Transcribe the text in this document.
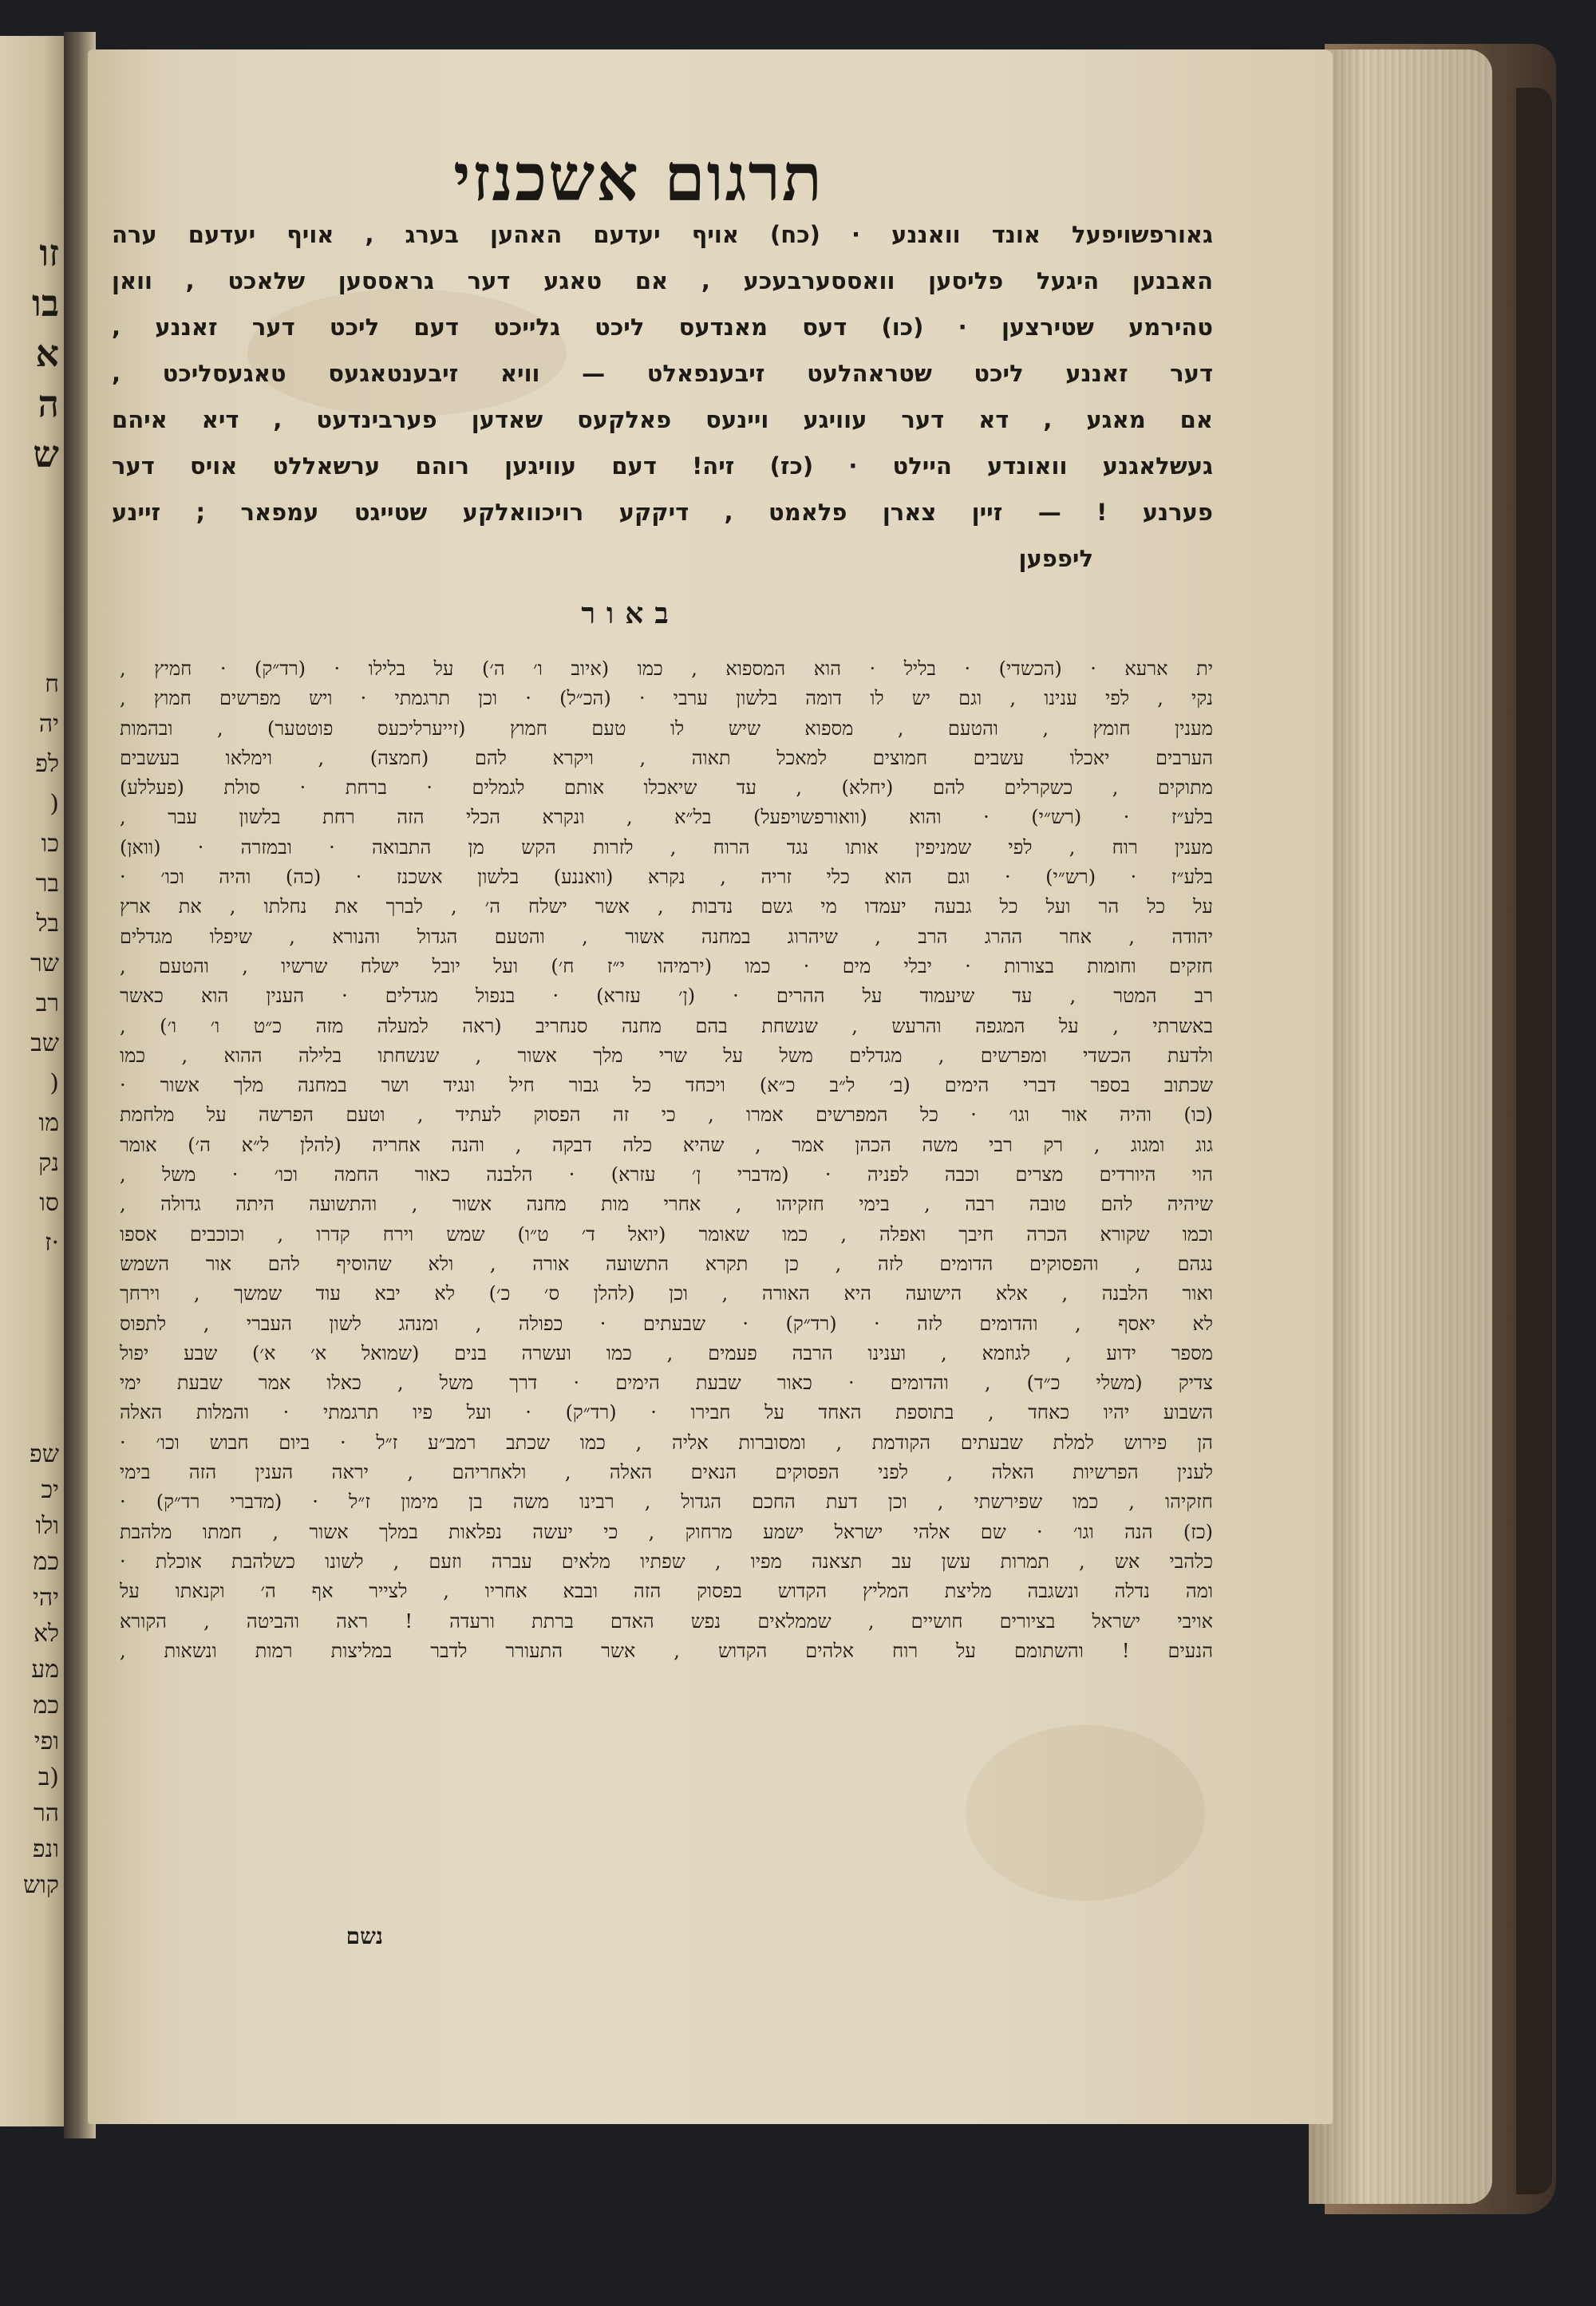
זו
בו
א
ה
ש
ח
יה
לפ
(
כו
בר
בל
שר
רב
שב
(
מו
נק
סו
·ז
שפ
יכ
ולו
כמ
יהי
לא
מע
כמ
ופי
(ב
הר
ונפ
קוש
תרגום אשכנזי
גאורפשויפעל אונד וואננע · (כח) אויף יעדעם האהען בערג , אויף יעדעם ערה
האבנען היגעל פליסען וואססערבעכע , אם טאגע דער גראססען שלאכט , וואן
טהירמע שטירצען · (כו) דעס מאנדעס ליכט גלייכט דעם ליכט דער זאננע ,
דער זאננע ליכט שטראהלעט זיבענפאלט — וויא זיבענטאגעס טאגעסליכט ,
אם מאגע , דא דער עוויגע ויינעס פאלקעס שאדען פערבינדעט , דיא איהם
געשלאגנע וואונדע היילט · (כז) זיה! דעם עוויגען רוהם ערשאללט אויס דער
פערנע ! — זיין צארן פלאמט , דיקקע רויכוואלקע שטייגט עמפאר ; זיינע
ליפפען
באור
ית ארעא · (הכשדי) · בליל · הוא המספוא , כמו (איוב ו׳ ה׳) על בלילו · (רד״ק) · חמיץ ,
נקי , לפי ענינו , וגם יש לו דומה בלשון ערבי · (הכ״ל) · וכן תרגמתי · ויש מפרשים חמוץ ,
מענין חומץ , והטעם , מספוא שיש לו טעם חמוץ (זייערליכעס פוטטער) , ובהמות
הערבים יאכלו עשבים חמוצים למאכל תאוה , ויקרא להם (חמצה) , וימלאו בעשבים
מתוקים , כשקרלים להם (יחלא) , עד שיאכלו אותם לגמלים · ברחת · סולת (פעללע)
בלע״ז · (רש״י) · והוא (וואורפשויפעל) בל״א , ונקרא הכלי הזה רחת בלשון עבר ,
מענין רוח , לפי שמניפין אותו נגד הרוח , לזרות הקש מן התבואה · ובמזרה · (וואן)
בלע״ז · (רש״י) · וגם הוא כלי זריה , נקרא (וואננע) בלשון אשכנז · (כה) והיה וכו׳ ·
על כל הר ועל כל גבעה יעמדו מי גשם נדבות , אשר ישלח ה׳ , לברך את נחלתו , את ארץ
יהודה , אחר ההרג הרב , שיהרוג במחנה אשור , והטעם הגדול והנורא , שיפלו מגדלים
חזקים וחומות בצורות · יבלי מים · כמו (ירמיהו י״ז ח׳) ועל יובל ישלח שרשיו , והטעם ,
רב המטר , עד שיעמוד על ההרים · (ן׳ עזרא) · בנפול מגדלים · הענין הוא כאשר
באשרתי , על המגפה והרעש , שנשחת בהם מחנה סנחריב (ראה למעלה מזה כ״ט ו׳ ו׳) ,
ולדעת הכשדי ומפרשים , מגדלים משל על שרי מלך אשור , שנשחתו בלילה ההוא , כמו
שכתוב בספר דברי הימים (ב׳ ל״ב כ״א) ויכחד כל גבור חיל ונגיד ושר במחנה מלך אשור ·
(כו) והיה אור וגו׳ · כל המפרשים אמרו , כי זה הפסוק לעתיד , וטעם הפרשה על מלחמת
גוג ומגוג , רק רבי משה הכהן אמר , שהיא כלה דבקה , והנה אחריה (להלן ל״א ה׳) אומר
הוי היורדים מצרים וכבה לפניה · (מדברי ן׳ עזרא) · הלבנה כאור החמה וכו׳ · משל ,
שיהיה להם טובה רבה , בימי חזקיהו , אחרי מות מחנה אשור , והתשועה היתה גדולה ,
וכמו שקורא הכרה חיבך ואפלה , כמו שאומר (יואל ד׳ ט״ו) שמש וירח קדרו , וכוכבים אספו
נגהם , והפסוקים הדומים לזה , כן תקרא התשועה אורה , ולא שהוסיף להם אור השמש
ואור הלבנה , אלא הישועה היא האורה , וכן (להלן ס׳ כ׳) לא יבא עוד שמשך , וירחך
לא יאסף , והדומים לזה · (רד״ק) · שבעתים · כפולה , ומנהג לשון העברי , לתפוס
מספר ידוע , לגוזמא , וענינו הרבה פעמים , כמו ועשרה בנים (שמואל א׳ א׳) שבע יפול
צדיק (משלי כ״ד) , והדומים · כאור שבעת הימים · דרך משל , כאלו אמר שבעת ימי
השבוע יהיו כאחד , בתוספת האחד על חבירו · (רד״ק) · ועל פיו תרגמתי · והמלות האלה
הן פירוש למלת שבעתים הקודמת , ומסוברות אליה , כמו שכתב רמב״ע ז״ל · ביום חבוש וכו׳ ·
לענין הפרשיות האלה , לפני הפסוקים הנאים האלה , ולאחריהם , יראה הענין הזה בימי
חזקיהו , כמו שפירשתי , וכן דעת החכם הגדול , רבינו משה בן מימון ז״ל · (מדברי רד״ק) ·
(כז) הנה וגו׳ · שם אלהי ישראל ישמע מרחוק , כי יעשה נפלאות במלך אשור , חמתו מלהבת
כלהבי אש , תמרות עשן עב תצאנה מפיו , שפתיו מלאים עברה וזעם , לשונו כשלהבת אוכלת ·
ומה נדלה ונשגבה מליצת המליץ הקדוש בפסוק הזה ובבא אחריו , לצייר אף ה׳ וקנאתו על
אויבי ישראל בציורים חושיים , שממלאים נפש האדם ברתת ורעדה ! ראה והביטה , הקורא
הנעים ! והשתומם על רוח אלהים הקדוש , אשר התעורר לדבר במליצות רמות ונשאות ,
נשם
